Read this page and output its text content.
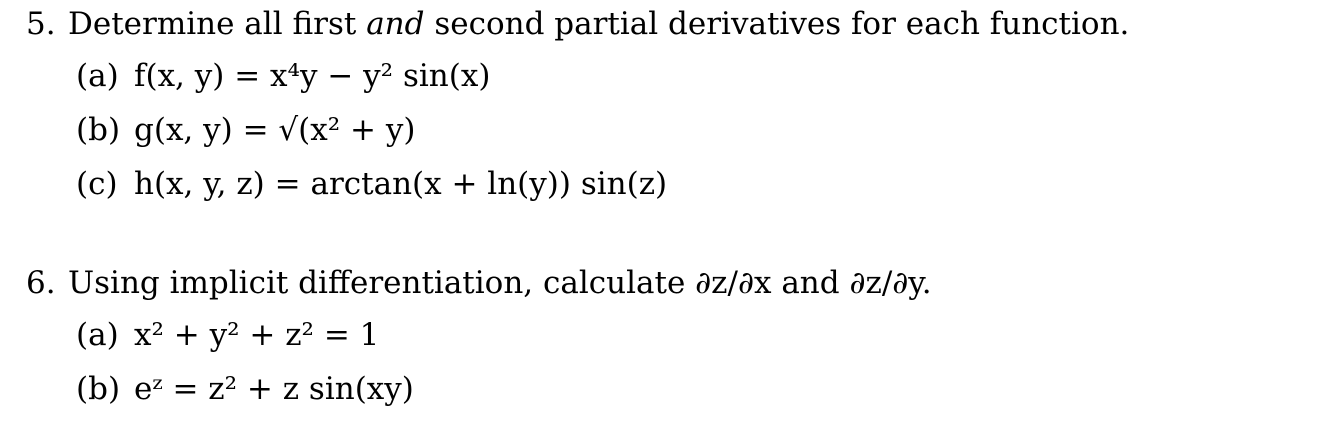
5. Determine all first and second partial derivatives for each function.
(a) f(x, y) = x⁴y − y² sin(x)
(b) g(x, y) = √(x² + y)
(c) h(x, y, z) = arctan(x + ln(y)) sin(z)
6. Using implicit differentiation, calculate ∂z/∂x and ∂z/∂y.
(a) x² + y² + z² = 1
(b) eᶻ = z² + z sin(xy)
